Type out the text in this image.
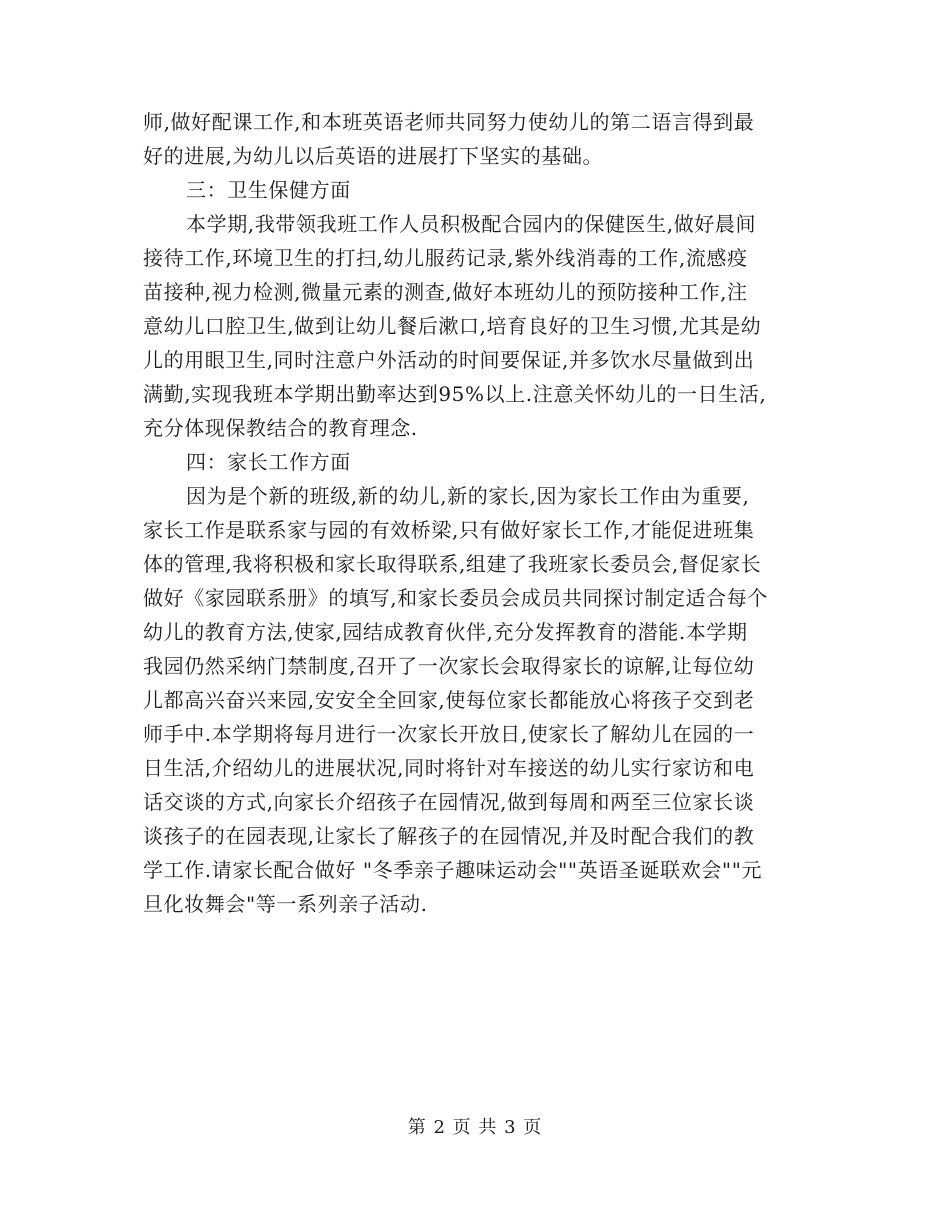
师,做好配课工作,和本班英语老师共同努力使幼儿的第二语言得到最
好的进展,为幼儿以后英语的进展打下坚实的基础。
三：卫生保健方面
本学期,我带领我班工作人员积极配合园内的保健医生,做好晨间
接待工作,环境卫生的打扫,幼儿服药记录,紫外线消毒的工作,流感疫
苗接种,视力检测,微量元素的测查,做好本班幼儿的预防接种工作,注
意幼儿口腔卫生,做到让幼儿餐后漱口,培育良好的卫生习惯,尤其是幼
儿的用眼卫生,同时注意户外活动的时间要保证,并多饮水尽量做到出
满勤,实现我班本学期出勤率达到95%以上.注意关怀幼儿的一日生活,
充分体现保教结合的教育理念.
四：家长工作方面
因为是个新的班级,新的幼儿,新的家长,因为家长工作由为重要,
家长工作是联系家与园的有效桥梁,只有做好家长工作,才能促进班集
体的管理,我将积极和家长取得联系,组建了我班家长委员会,督促家长
做好《家园联系册》的填写,和家长委员会成员共同探讨制定适合每个
幼儿的教育方法,使家,园结成教育伙伴,充分发挥教育的潜能.本学期
我园仍然采纳门禁制度,召开了一次家长会取得家长的谅解,让每位幼
儿都高兴奋兴来园,安安全全回家,使每位家长都能放心将孩子交到老
师手中.本学期将每月进行一次家长开放日,使家长了解幼儿在园的一
日生活,介绍幼儿的进展状况,同时将针对车接送的幼儿实行家访和电
话交谈的方式,向家长介绍孩子在园情况,做到每周和两至三位家长谈
谈孩子的在园表现,让家长了解孩子的在园情况,并及时配合我们的教
学工作.请家长配合做好 "冬季亲子趣味运动会""英语圣诞联欢会""元
旦化妆舞会"等一系列亲子活动.
第 2 页 共 3 页
